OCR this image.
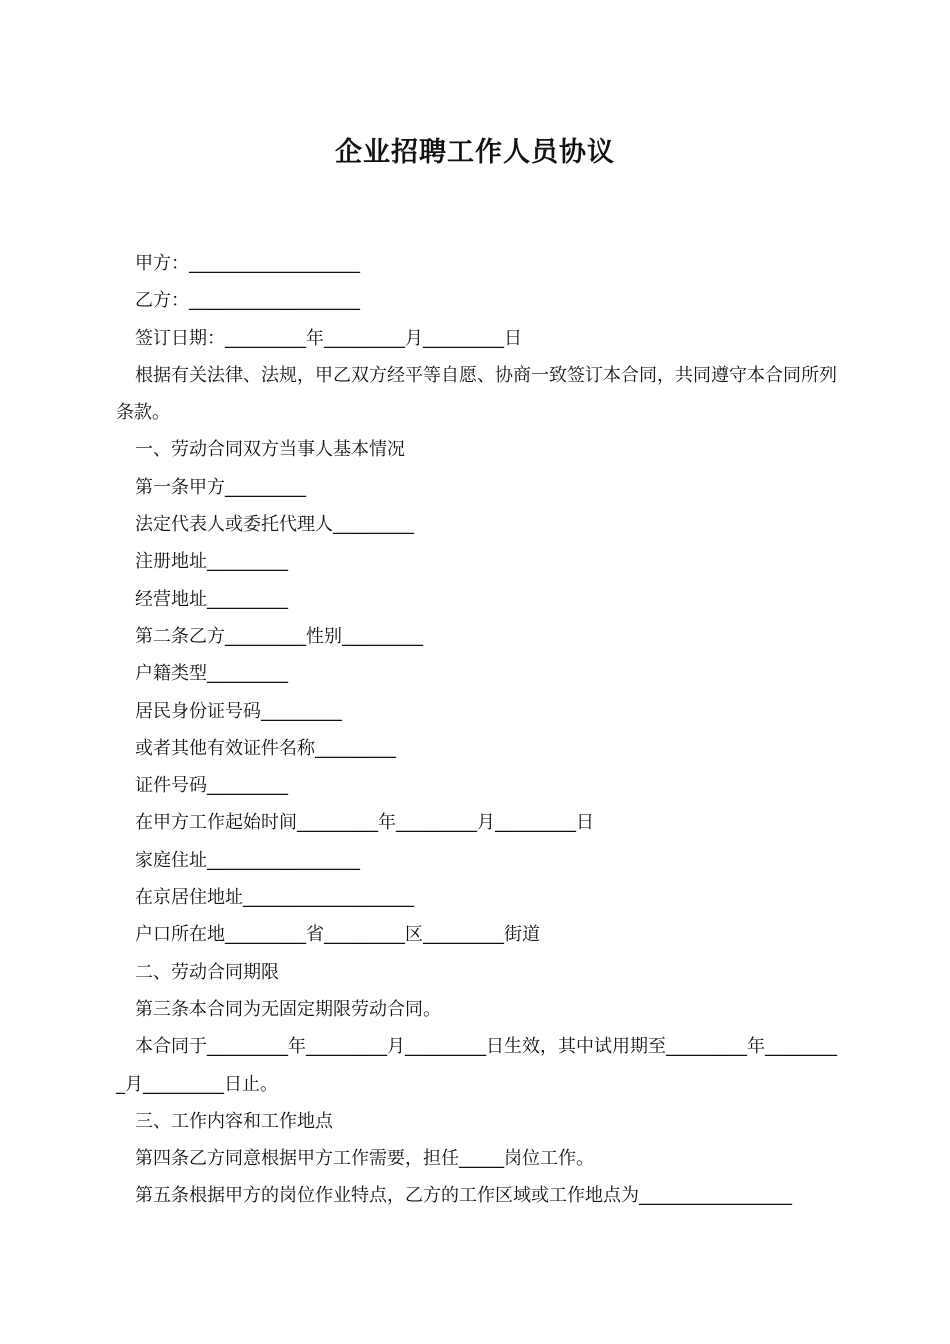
企业招聘工作人员协议
甲方：___________________
乙方：___________________
签订日期：_________年_________月_________日
根据有关法律、法规，甲乙双方经平等自愿、协商一致签订本合同，共同遵守本合同所列条款。
一、劳动合同双方当事人基本情况
第一条甲方_________
法定代表人或委托代理人_________
注册地址_________
经营地址_________
第二条乙方_________性别_________
户籍类型_________
居民身份证号码_________
或者其他有效证件名称_________
证件号码_________
在甲方工作起始时间_________年_________月_________日
家庭住址_________________
在京居住地址___________________
户口所在地_________省_________区_________街道
二、劳动合同期限
第三条本合同为无固定期限劳动合同。
本合同于_________年_________月_________日生效，其中试用期至_________年_________月_________日止。
三、工作内容和工作地点
第四条乙方同意根据甲方工作需要，担任_____岗位工作。
第五条根据甲方的岗位作业特点，乙方的工作区域或工作地点为_________________
